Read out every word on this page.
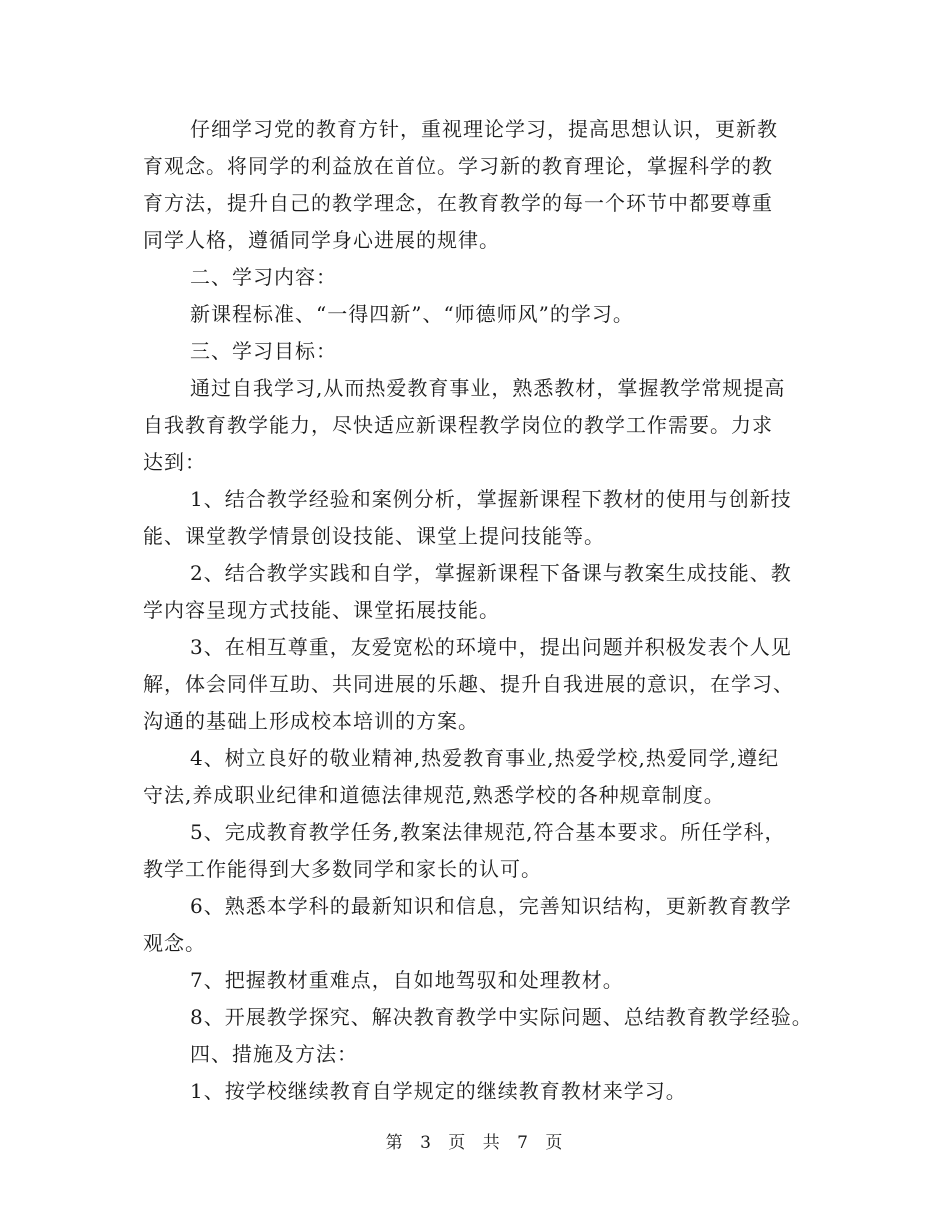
仔细学习党的教育方针，重视理论学习，提高思想认识，更新教
育观念。将同学的利益放在首位。学习新的教育理论，掌握科学的教
育方法，提升自己的教学理念，在教育教学的每一个环节中都要尊重
同学人格，遵循同学身心进展的规律。
二、学习内容：
新课程标准、“一得四新”、“师德师风”的学习。
三、学习目标：
通过自我学习,从而热爱教育事业，熟悉教材，掌握教学常规提高
自我教育教学能力，尽快适应新课程教学岗位的教学工作需要。力求
达到：
1、结合教学经验和案例分析，掌握新课程下教材的使用与创新技
能、课堂教学情景创设技能、课堂上提问技能等。
2、结合教学实践和自学，掌握新课程下备课与教案生成技能、教
学内容呈现方式技能、课堂拓展技能。
3、在相互尊重，友爱宽松的环境中，提出问题并积极发表个人见
解，体会同伴互助、共同进展的乐趣、提升自我进展的意识，在学习、
沟通的基础上形成校本培训的方案。
4、树立良好的敬业精神,热爱教育事业,热爱学校,热爱同学,遵纪
守法,养成职业纪律和道德法律规范,熟悉学校的各种规章制度。
5、完成教育教学任务,教案法律规范,符合基本要求。所任学科，
教学工作能得到大多数同学和家长的认可。
6、熟悉本学科的最新知识和信息，完善知识结构，更新教育教学
观念。
7、把握教材重难点，自如地驾驭和处理教材。
8、开展教学探究、解决教育教学中实际问题、总结教育教学经验。
四、措施及方法：
1、按学校继续教育自学规定的继续教育教材来学习。
第 3 页 共 7 页
